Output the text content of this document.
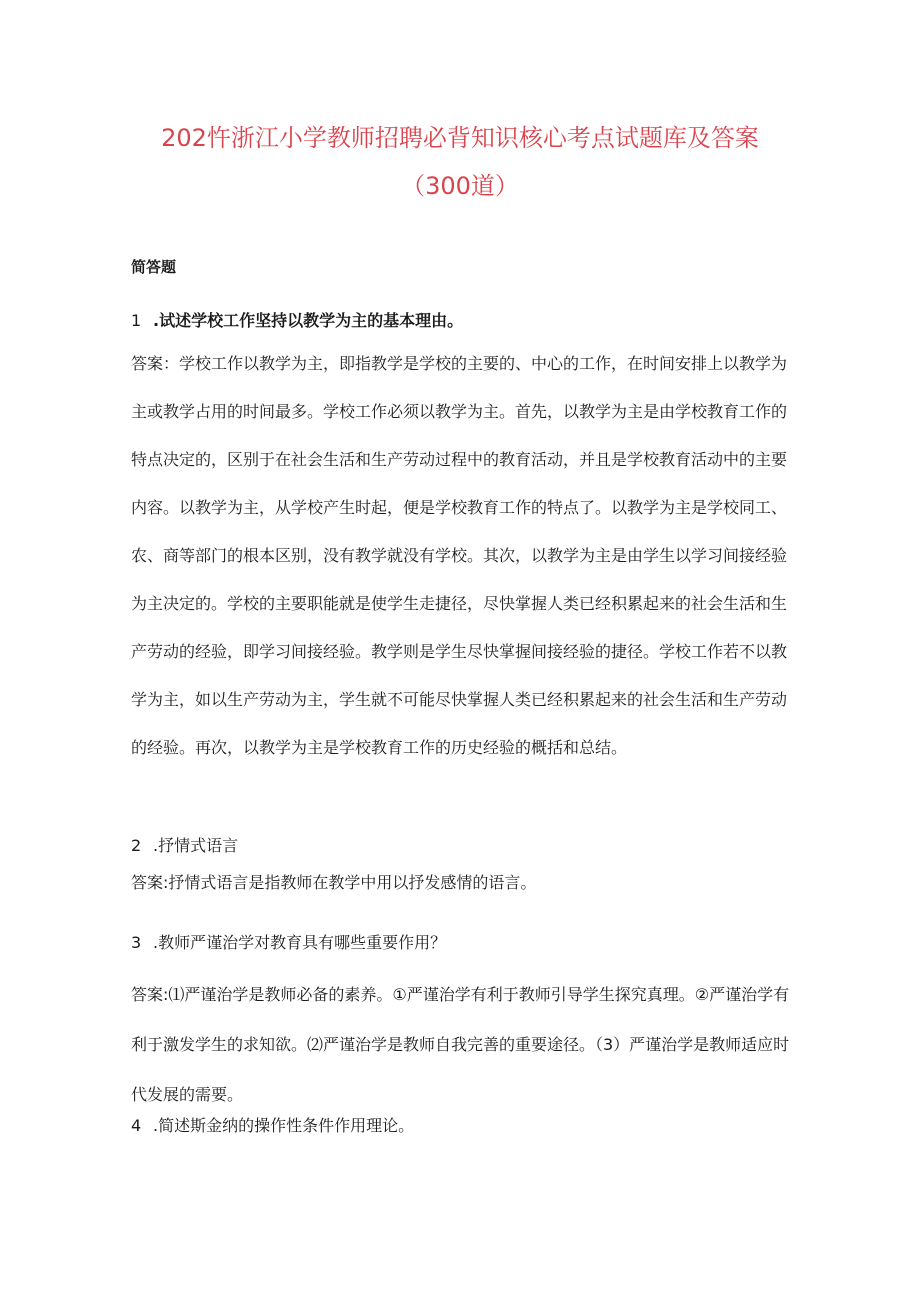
202忤浙江小学教师招聘必背知识核心考点试题库及答案
（300道）

简答题

1 .试述学校工作坚持以教学为主的基本理由。

答案：学校工作以教学为主，即指教学是学校的主要的、中心的工作，在时间安排上以教学为主或教学占用的时间最多。学校工作必须以教学为主。首先，以教学为主是由学校教育工作的特点决定的，区别于在社会生活和生产劳动过程中的教育活动，并且是学校教育活动中的主要内容。以教学为主，从学校产生时起，便是学校教育工作的特点了。以教学为主是学校同工、农、商等部门的根本区别，没有教学就没有学校。其次，以教学为主是由学生以学习间接经验为主决定的。学校的主要职能就是使学生走捷径，尽快掌握人类已经积累起来的社会生活和生产劳动的经验，即学习间接经验。教学则是学生尽快掌握间接经验的捷径。学校工作若不以教学为主，如以生产劳动为主，学生就不可能尽快掌握人类已经积累起来的社会生活和生产劳动的经验。再次，以教学为主是学校教育工作的历史经验的概括和总结。

2 .抒情式语言

答案:抒情式语言是指教师在教学中用以抒发感情的语言。

3 .教师严谨治学对教育具有哪些重要作用？

答案:⑴严谨治学是教师必备的素养。①严谨治学有利于教师引导学生探究真理。②严谨治学有利于激发学生的求知欲。⑵严谨治学是教师自我完善的重要途径。（3）严谨治学是教师适应时代发展的需要。

4 .简述斯金纳的操作性条件作用理论。
